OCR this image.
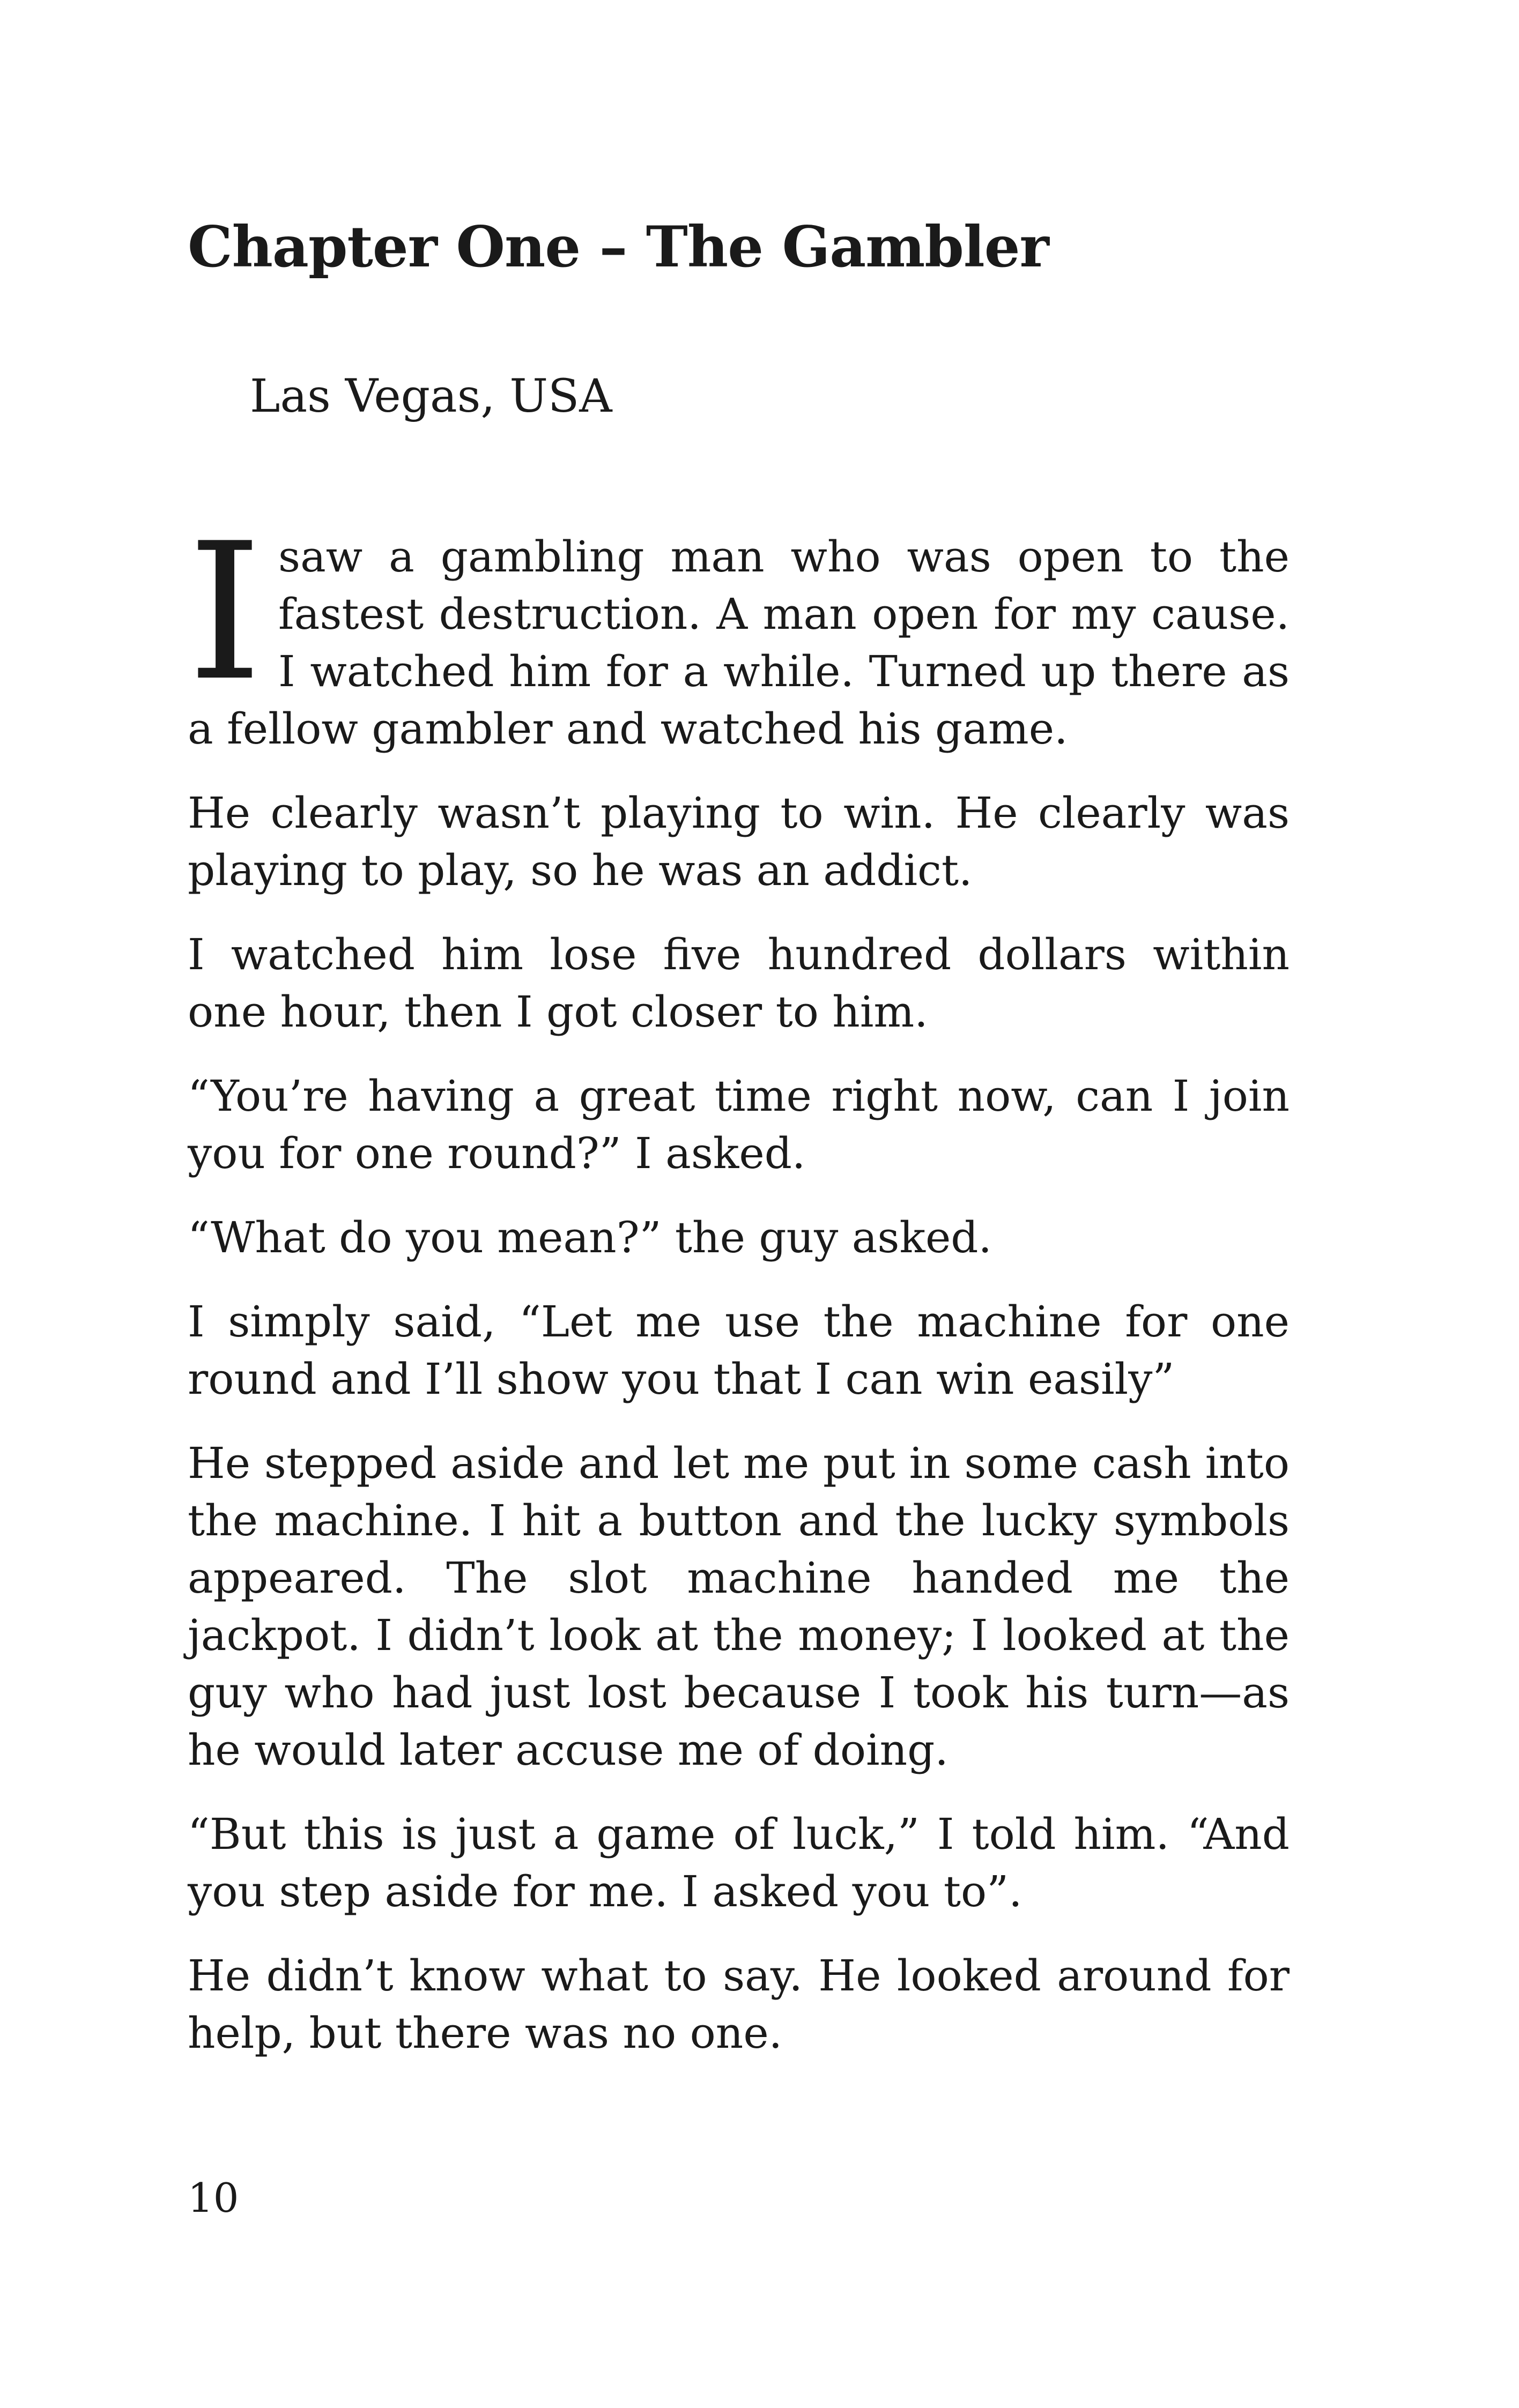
Chapter One – The Gambler

Las Vegas, USA

Isaw a gambling man who was open to the fastest destruction. A man open for my cause. I watched him for a while. Turned up there as a fellow gambler and watched his game.

He clearly wasn’t playing to win. He clearly was playing to play, so he was an addict.

I watched him lose five hundred dollars within one hour, then I got closer to him.

“You’re having a great time right now, can I join you for one round?” I asked.

“What do you mean?” the guy asked.

I simply said, “Let me use the machine for one round and I’ll show you that I can win easily”

He stepped aside and let me put in some cash into the machine. I hit a button and the lucky symbols appeared. The slot machine handed me the jackpot. I didn’t look at the money; I looked at the guy who had just lost because I took his turn—as he would later accuse me of doing.

“But this is just a game of luck,” I told him. “And you step aside for me. I asked you to”.

He didn’t know what to say. He looked around for help, but there was no one.

10
